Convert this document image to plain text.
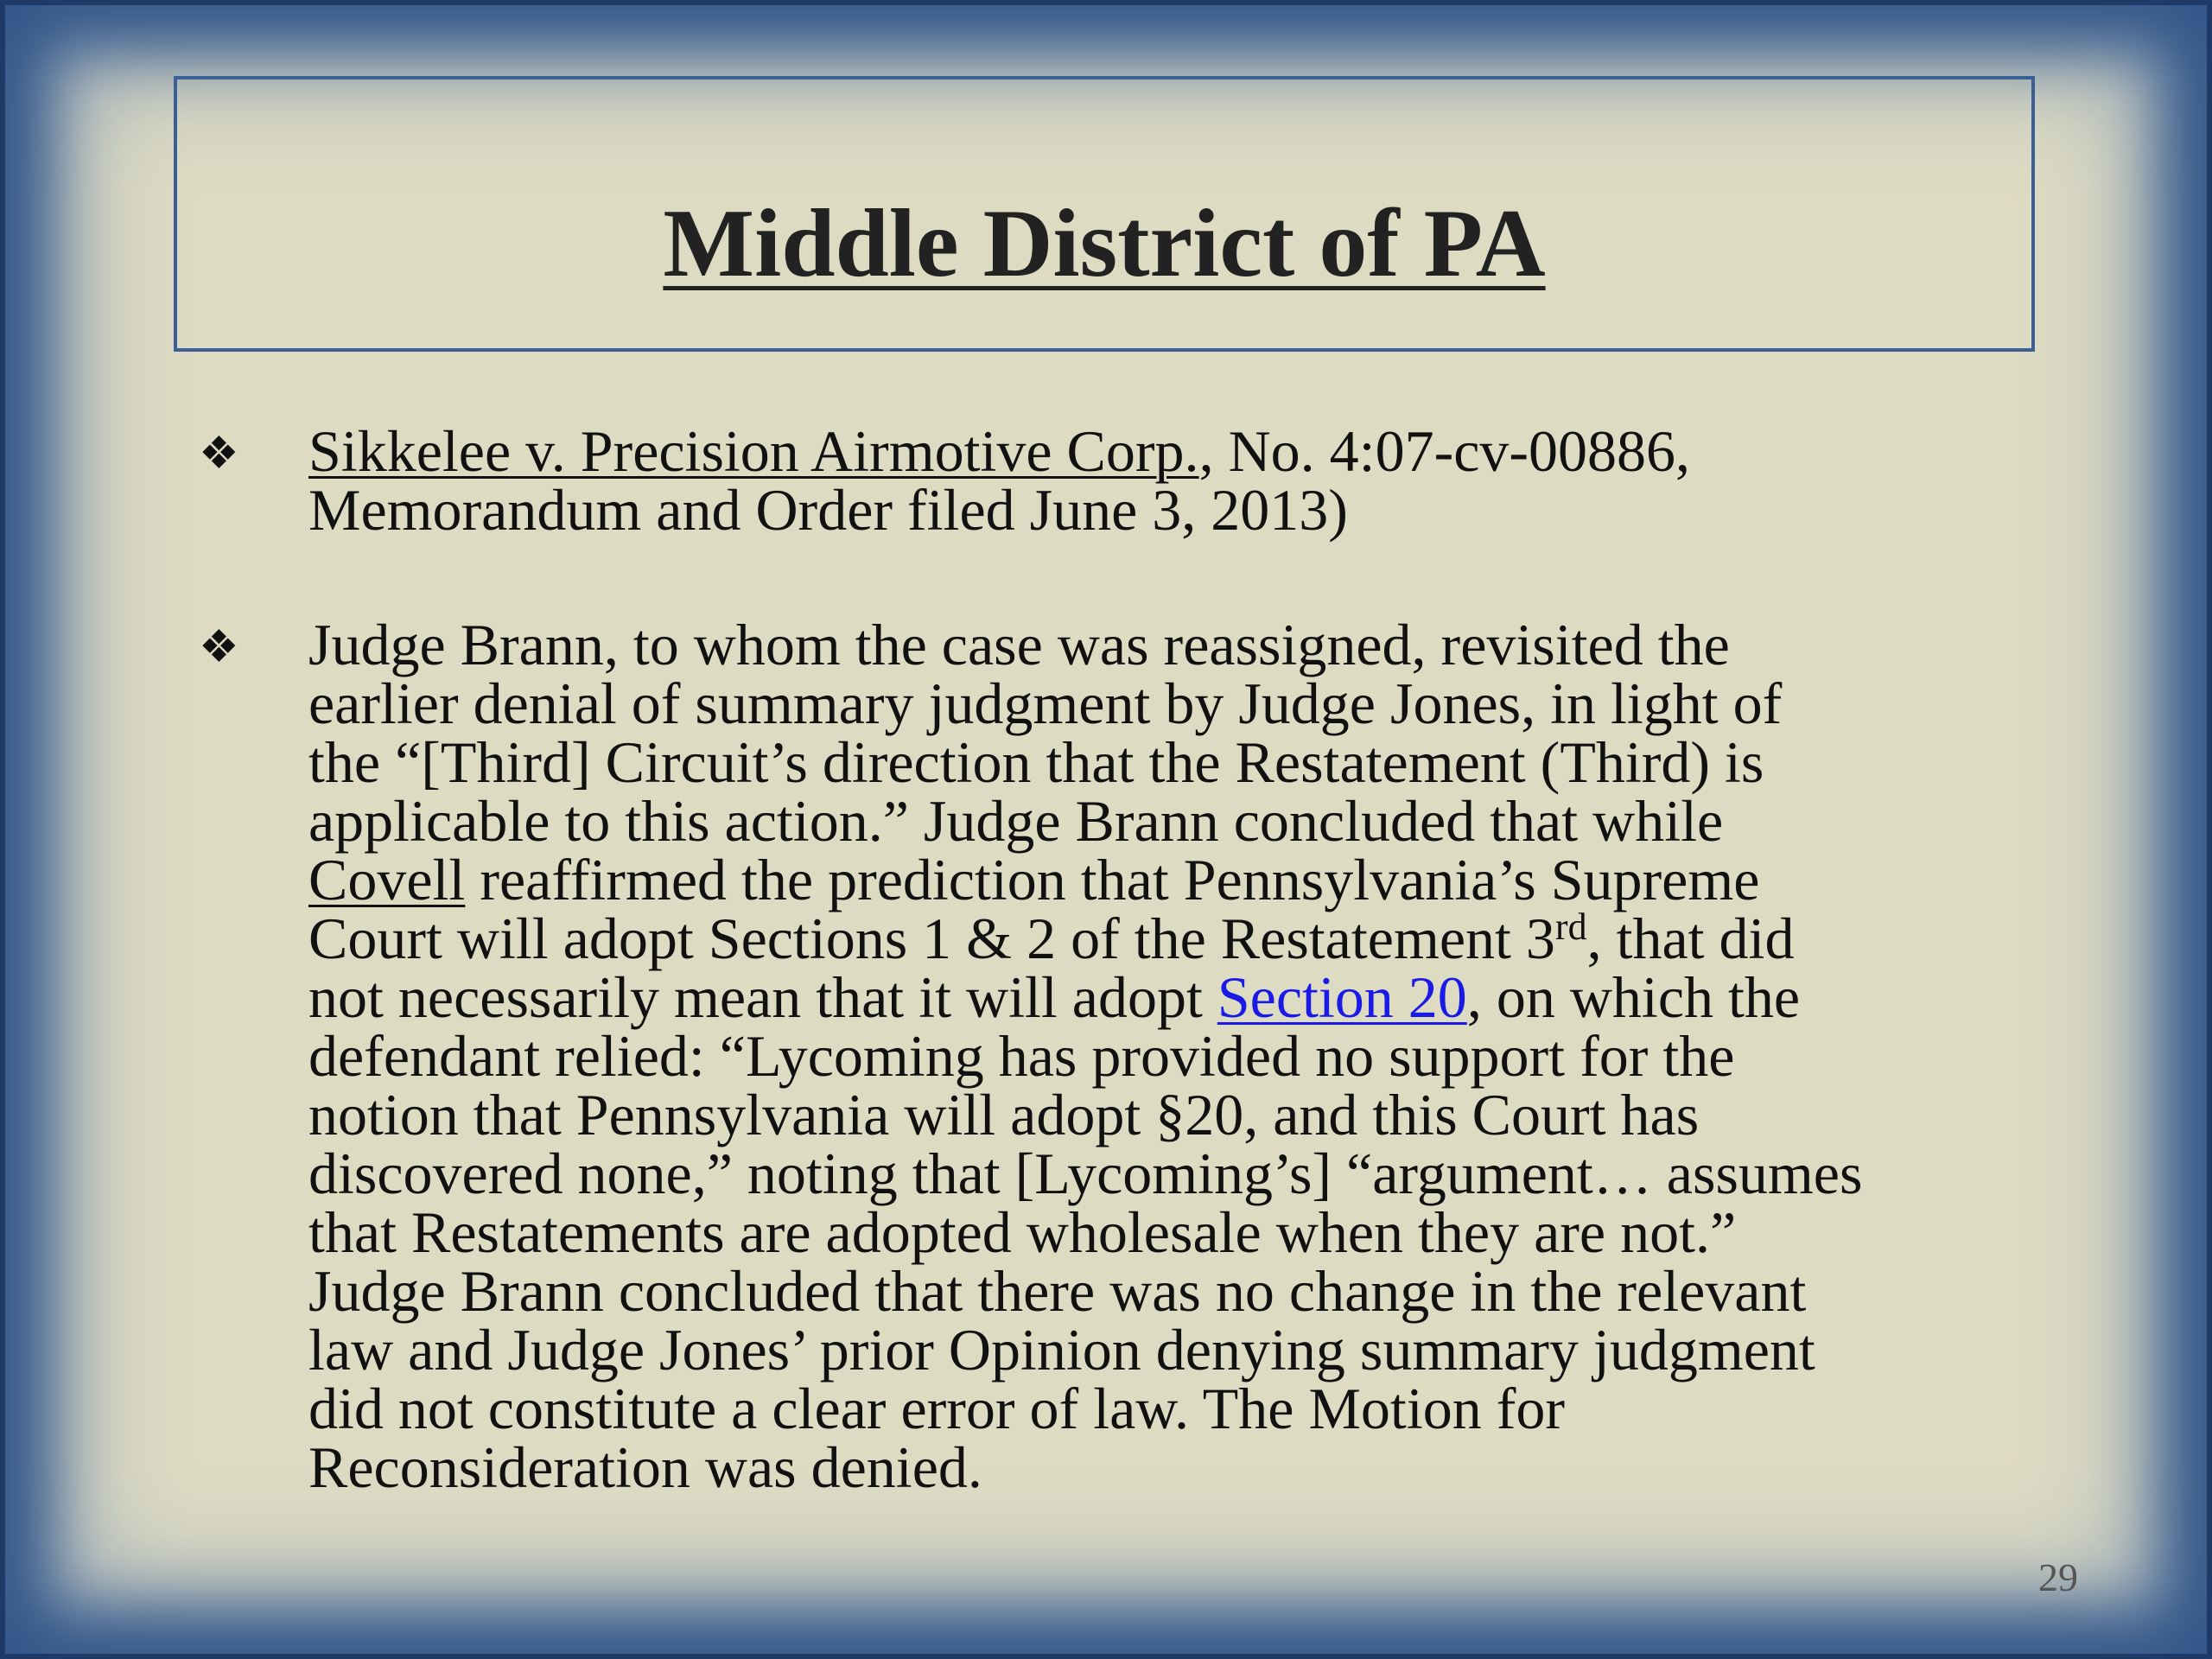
Middle District of PA
❖ Sikkelee v. Precision Airmotive Corp., No. 4:07-cv-00886,
Memorandum and Order filed June 3, 2013)
❖ Judge Brann, to whom the case was reassigned, revisited the
earlier denial of summary judgment by Judge Jones, in light of
the “[Third] Circuit’s direction that the Restatement (Third) is
applicable to this action.” Judge Brann concluded that while
Covell reaffirmed the prediction that Pennsylvania’s Supreme
Court will adopt Sections 1 & 2 of the Restatement 3rd, that did
not necessarily mean that it will adopt Section 20, on which the
defendant relied: “Lycoming has provided no support for the
notion that Pennsylvania will adopt §20, and this Court has
discovered none,” noting that [Lycoming’s] “argument… assumes
that Restatements are adopted wholesale when they are not.”
Judge Brann concluded that there was no change in the relevant
law and Judge Jones’ prior Opinion denying summary judgment
did not constitute a clear error of law. The Motion for
Reconsideration was denied.
29
